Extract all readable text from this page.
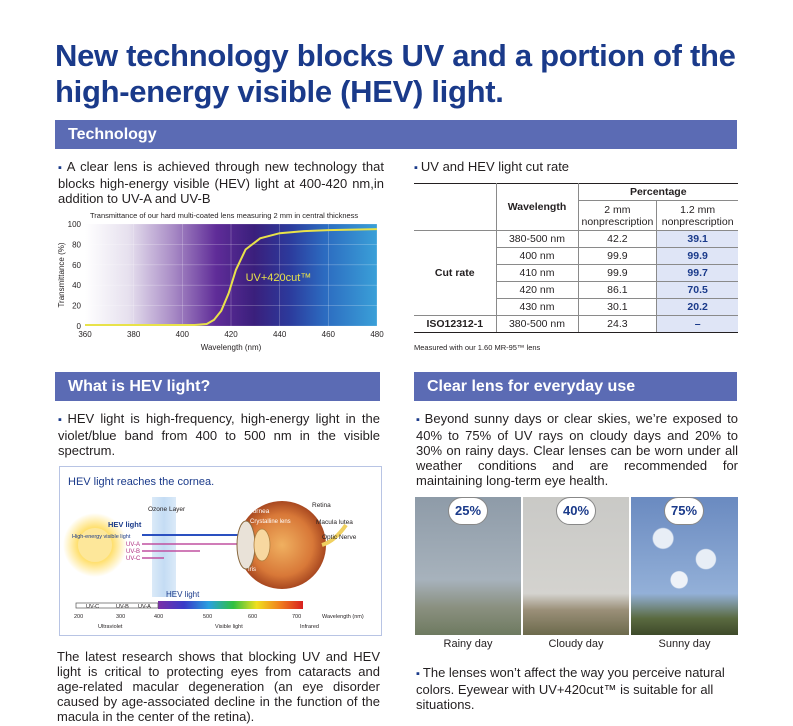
New technology blocks UV and a portion of the high-energy visible (HEV) light.
Technology
▪ A clear lens is achieved through new technology that blocks high-energy visible (HEV) light at 400-420 nm,in addition to UV-A and UV-B
Transmittance of our hard multi-coated lens measuring 2 mm in central thickness
360	380	400	420	440	460	480
0
20
40
60
80
100
UV+420cut™
Wavelength (nm)
Transmittance (%)
▪ UV and HEV light cut rate
	Wavelength	Percentage	
		2 mm nonprescription	1.2 mm nonprescription
Cut rate	380-500 nm	42.2	39.1
	400 nm	99.9	99.9
	410 nm	99.9	99.7
	420 nm	86.1	70.5
	430 nm	30.1	20.2
ISO12312-1	380-500 nm	24.3	–
Measured with our 1.60 MR-95™ lens
What is HEV light?
▪ HEV light is high-frequency, high-energy light in the violet/blue band from 400 to 500 nm in the visible spectrum.
HEV light reaches the cornea.
Ozone Layer
HEV light
High-energy visible light
UV-A
UV-B
UV-C
Cornea
Crystalline lens
Iris
Retina
Macula lutea
Optic Nerve
HEV light
UV-C	UV-B UV-A
200	300	400	500	600	700	Wavelength (nm)
Ultraviolet	Visible light	Infrared
The latest research shows that blocking UV and HEV light is critical to protecting eyes from cataracts and age-related macular degeneration (an eye disorder caused by age-associated decline in the function of the macula in the center of the retina).
Clear lens for everyday use
▪ Beyond sunny days or clear skies, we’re exposed to 40% to 75% of UV rays on cloudy days and 20% to 30% on rainy days. Clear lenses can be worn under all weather conditions and are recommended for maintaining long-term eye health.
25%
Rainy day
40%
Cloudy day
75%
Sunny day
▪ The lenses won’t affect the way you perceive natural colors. Eyewear with UV+420cut™ is suitable for all situations.
